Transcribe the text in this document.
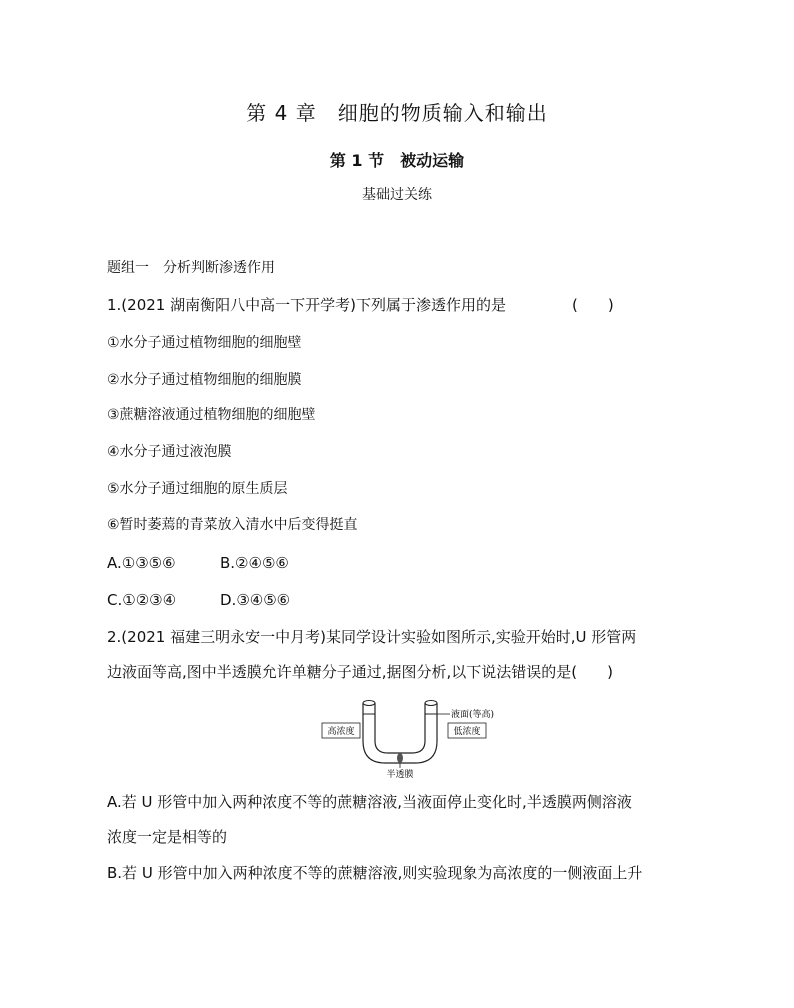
第 4 章　细胞的物质输入和输出
第 1 节　被动运输
基础过关练
题组一　分析判断渗透作用
1.(2021 湖南衡阳八中高一下开学考)下列属于渗透作用的是	(　　)
①水分子通过植物细胞的细胞壁
②水分子通过植物细胞的细胞膜
③蔗糖溶液通过植物细胞的细胞壁
④水分子通过液泡膜
⑤水分子通过细胞的原生质层
⑥暂时萎蔫的青菜放入清水中后变得挺直
A.①③⑤⑥	B.②④⑤⑥
C.①②③④	D.③④⑤⑥
2.(2021 福建三明永安一中月考)某同学设计实验如图所示,实验开始时,U 形管两
边液面等高,图中半透膜允许单糖分子通过,据图分析,以下说法错误的是(　　)
高浓度	低浓度
液面(等高)
半透膜
A.若 U 形管中加入两种浓度不等的蔗糖溶液,当液面停止变化时,半透膜两侧溶液
浓度一定是相等的
B.若 U 形管中加入两种浓度不等的蔗糖溶液,则实验现象为高浓度的一侧液面上升
